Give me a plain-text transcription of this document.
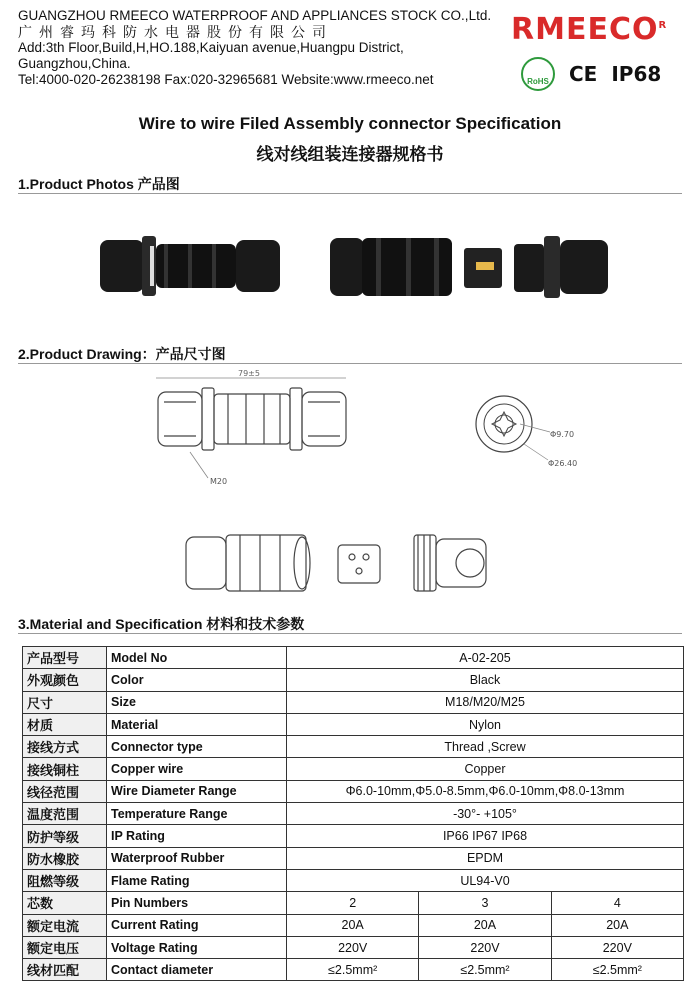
GUANGZHOU RMEECO WATERPROOF AND APPLIANCES STOCK CO.,Ltd.
广州睿玛科防水电器股份有限公司
Add:3th Floor,Build,H,HO.188,Kaiyuan avenue,Huangpu District,
Guangzhou,China.
Tel:4000-020-26238198 Fax:020-32965681 Website:www.rmeeco.net
$RMEECO^R$
RoHS CE IP68
Wire to wire Filed Assembly connector Specification
线对线组装连接器规格书
1.Product Photos 产品图
2.Product Drawing：产品尺寸图
79±5
M20
Φ9.70
Φ26.40
3.Material and Specification 材料和技术参数
产品型号	Model No	A-02-205		
外观颜色	Color	Black		
尺寸	Size	M18/M20/M25		
材质	Material	Nylon		
接线方式	Connector type	Thread ,Screw		
接线铜柱	Copper wire	Copper		
线径范围	Wire Diameter Range	Φ6.0-10mm,Φ5.0-8.5mm,Φ6.0-10mm,Φ8.0-13mm		
温度范围	Temperature Range	-30°- +105°		
防护等级	IP Rating	IP66 IP67 IP68		
防水橡胶	Waterproof Rubber	EPDM		
阻燃等级	Flame Rating	UL94-V0		
芯数	Pin Numbers	2	3	4
额定电流	Current Rating	20A	20A	20A
额定电压	Voltage Rating	220V	220V	220V
线材匹配	Contact diameter	≤2.5mm²	≤2.5mm²	≤2.5mm²
